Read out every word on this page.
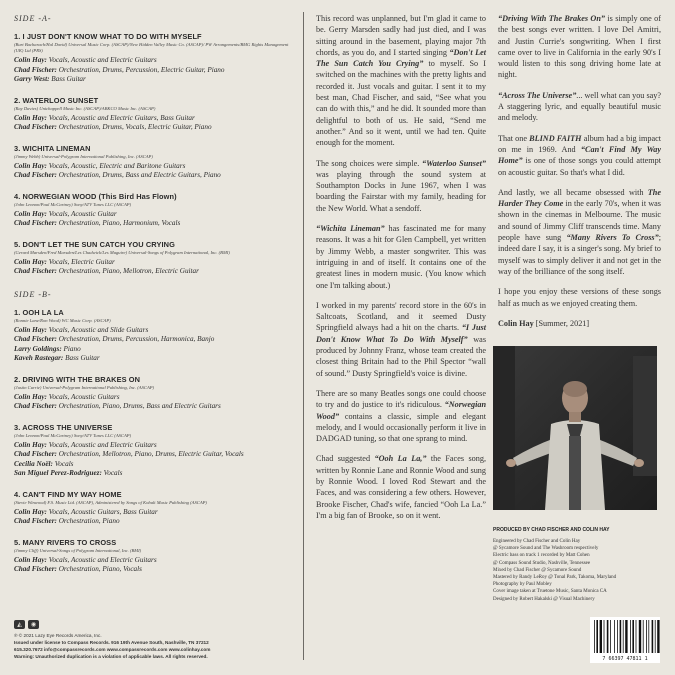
SIDE -A-
1. I JUST DON'T KNOW WHAT TO DO WITH MYSELF
(Burt Bacharach/Hal David) Universal Music Corp. (ASCAP)/New Hidden Valley Music Co. (ASCAP)/ PW Arrangements/BMG Rights Management (UK) Ltd (PRS)
Colin Hay: Vocals, Acoustic and Electric Guitars
Chad Fischer: Orchestration, Drums, Percussion, Electric Guitar, Piano
Garry West: Bass Guitar
2. WATERLOO SUNSET
(Ray Davies) Unichappell Music Inc. (ASCAP)/ABKCO Music Inc. (ASCAP)
Colin Hay: Vocals, Acoustic and Electric Guitars, Bass Guitar
Chad Fischer: Orchestration, Drums, Vocals, Electric Guitar, Piano
3. WICHITA LINEMAN
(Jimmy Webb) Universal-Polygram International Publishing, Inc. (ASCAP)
Colin Hay: Vocals, Acoustic, Electric and Baritone Guitars
Chad Fischer: Orchestration, Drums, Bass and Electric Guitars, Piano
4. NORWEGIAN WOOD (This Bird Has Flown)
(John Lennon/Paul McCartney) Sony/ATV Tunes LLC (ASCAP)
Colin Hay: Vocals, Acoustic Guitar
Chad Fischer: Orchestration, Piano, Harmonium, Vocals
5. DON'T LET THE SUN CATCH YOU CRYING
(Gerard Marsden/Fred Marsden/Les Chadwick/Les Maguire) Universal-Songs of Polygram International, Inc. (BMI)
Colin Hay: Vocals, Electric Guitar
Chad Fischer: Orchestration, Piano, Mellotron, Electric Guitar
SIDE -B-
1. OOH LA LA
(Ronnie Lane/Ron Wood) WC Music Corp. (ASCAP)
Colin Hay: Vocals, Acoustic and Slide Guitars
Chad Fischer: Orchestration, Drums, Percussion, Harmonica, Banjo
Larry Goldings: Piano
Kaveh Rastegar: Bass Guitar
2. DRIVING WITH THE BRAKES ON
(Justin Currie) Universal-Polygram International Publishing, Inc. (ASCAP)
Colin Hay: Vocals, Acoustic Guitars
Chad Fischer: Orchestration, Piano, Drums, Bass and Electric Guitars
3. ACROSS THE UNIVERSE
(John Lennon/Paul McCartney) Sony/ATV Tunes LLC (ASCAP)
Colin Hay: Vocals, Acoustic and Electric Guitars
Chad Fischer: Orchestration, Mellotron, Piano, Drums, Electric Guitar, Vocals
Cecilia Noël: Vocals
San Miguel Perez-Rodriguez: Vocals
4. CAN'T FIND MY WAY HOME
(Stevie Winwood) F.S. Music Ltd. (ASCAP), Administered by Songs of Kobalt Music Publishing (ASCAP)
Colin Hay: Vocals, Acoustic Guitars, Bass Guitar
Chad Fischer: Orchestration, Piano
5. MANY RIVERS TO CROSS
(Jimmy Cliff) Universal-Songs of Polygram International, Inc. (BMI)
Colin Hay: Vocals, Acoustic and Electric Guitars
Chad Fischer: Orchestration, Piano, Vocals
◭	◉
℗ © 2021 Lazy Eye Records America, Inc.
Issued under license to Compass Records. 916 19th Avenue South, Nashville, TN 37212
615.320.7672 info@compassrecords.com www.compassrecords.com www.colinhay.com
Warning: Unauthorized duplication is a violation of applicable laws. All rights reserved.

This record was unplanned, but I'm glad it came to be. Gerry Marsden sadly had just died, and I was sitting around in the basement, playing major 7th chords, as you do, and I started singing “Don't Let The Sun Catch You Crying” to myself. So I switched on the machines with the pretty lights and recorded it. Just vocals and guitar. I sent it to my best man, Chad Fischer, and said, “See what you can do with this,” and he did. It sounded more than delightful to both of us. He said, “Send me another.” And so it went, until we had ten. Quite enough for the moment.

The song choices were simple. “Waterloo Sunset” was playing through the sound system at Southampton Docks in June 1967, when I was boarding the Fairstar with my family, heading for the New World. What a sendoff.

“Wichita Lineman” has fascinated me for many reasons. It was a hit for Glen Campbell, yet written by Jimmy Webb, a master songwriter. This was intriguing in and of itself. It contains one of the greatest lines in modern music. (You know which one I'm talking about.)

I worked in my parents' record store in the 60's in Saltcoats, Scotland, and it seemed Dusty Springfield always had a hit on the charts. “I Just Don't Know What To Do With Myself” was produced by Johnny Franz, whose team created the closest thing Britain had to the Phil Spector “wall of sound.” Dusty Springfield's voice is divine.

There are so many Beatles songs one could choose to try and do justice to it's ridiculous. “Norwegian Wood” contains a classic, simple and elegant melody, and I would occasionally perform it live in DADGAD tuning, so that one sprang to mind.

Chad suggested “Ooh La La,” the Faces song, written by Ronnie Lane and Ronnie Wood and sung by Ronnie Wood. I loved Rod Stewart and the Faces, and was considering a few others. However, Brooke Fischer, Chad's wife, fancied “Ooh La La.” I'm a big fan of Brooke, so on it went.

“Driving With The Brakes On” is simply one of the best songs ever written. I love Del Amitri, and Justin Currie's songwriting. When I first came over to live in California in the early 90's I would listen to this song driving home late at night.

“Across The Universe”... well what can you say? A staggering lyric, and equally beautiful music and melody.

That one BLIND FAITH album had a big impact on me in 1969. And “Can't Find My Way Home” is one of those songs you could attempt on acoustic guitar. So that's what I did.

And lastly, we all became obsessed with The Harder They Come in the early 70's, when it was shown in the cinemas in Melbourne. The music and sound of Jimmy Cliff transcends time. Many people have sung “Many Rivers To Cross”; indeed dare I say, it is a singer's song. My brief to myself was to simply deliver it and not get in the way of the brilliance of the song itself.

I hope you enjoy these versions of these songs half as much as we enjoyed creating them.

Colin Hay [Summer, 2021]
PRODUCED BY CHAD FISCHER AND COLIN HAY
Engineered by Chad Fischer and Colin Hay
@ Sycamore Sound and The Washroom respectively
Electric bass on track 1 recorded by Matt Cohen
@ Compass Sound Studio, Nashville, Tennessee
Mixed by Chad Fischer @ Sycamore Sound
Mastered by Randy LeRoy @ Tonal Park, Takoma, Maryland
Photography by Paul Mobley
Cover image taken at Truetone Music, Santa Monica CA
Designed by Robert Hakalski @ Visual Machinery
7 66397 47811 1
